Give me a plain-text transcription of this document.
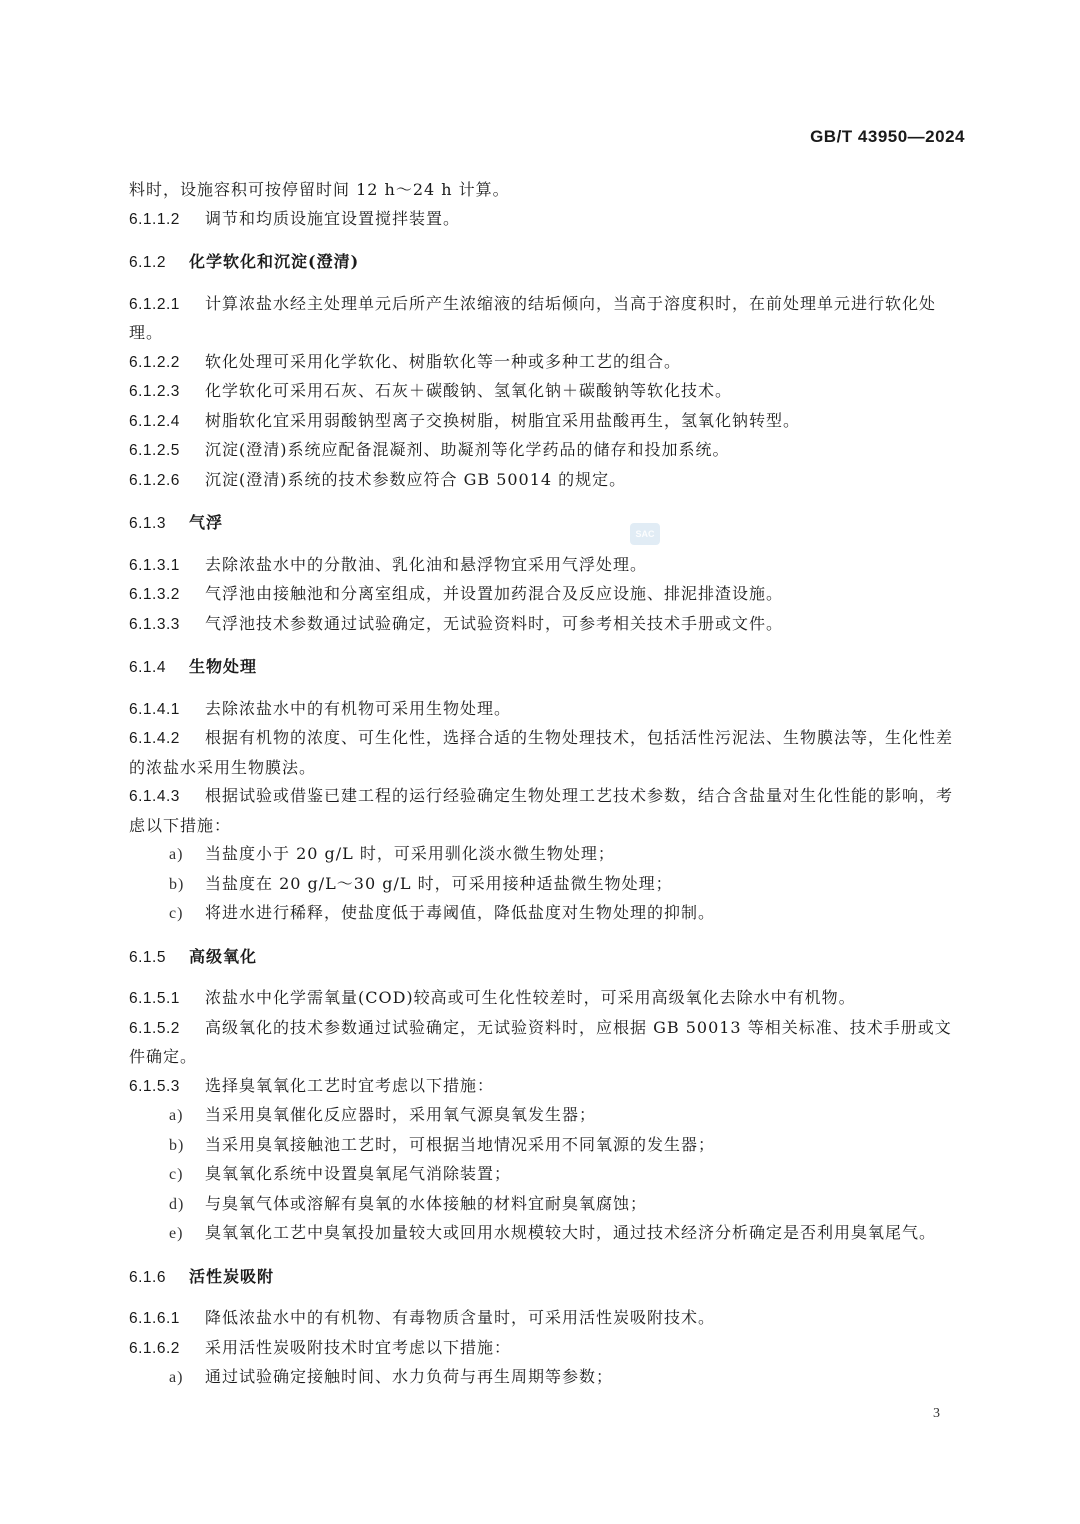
GB/T 43950—2024
SAC
料时，设施容积可按停留时间 12 h～24 h 计算。
6.1.1.2 调节和均质设施宜设置搅拌装置。
6.1.2 化学软化和沉淀(澄清)
6.1.2.1 计算浓盐水经主处理单元后所产生浓缩液的结垢倾向，当高于溶度积时，在前处理单元进行软化处理。
6.1.2.2 软化处理可采用化学软化、树脂软化等一种或多种工艺的组合。
6.1.2.3 化学软化可采用石灰、石灰＋碳酸钠、氢氧化钠＋碳酸钠等软化技术。
6.1.2.4 树脂软化宜采用弱酸钠型离子交换树脂，树脂宜采用盐酸再生，氢氧化钠转型。
6.1.2.5 沉淀(澄清)系统应配备混凝剂、助凝剂等化学药品的储存和投加系统。
6.1.2.6 沉淀(澄清)系统的技术参数应符合 GB 50014 的规定。
6.1.3 气浮
6.1.3.1 去除浓盐水中的分散油、乳化油和悬浮物宜采用气浮处理。
6.1.3.2 气浮池由接触池和分离室组成，并设置加药混合及反应设施、排泥排渣设施。
6.1.3.3 气浮池技术参数通过试验确定，无试验资料时，可参考相关技术手册或文件。
6.1.4 生物处理
6.1.4.1 去除浓盐水中的有机物可采用生物处理。
6.1.4.2 根据有机物的浓度、可生化性，选择合适的生物处理技术，包括活性污泥法、生物膜法等，生化性差的浓盐水采用生物膜法。
6.1.4.3 根据试验或借鉴已建工程的运行经验确定生物处理工艺技术参数，结合含盐量对生化性能的影响，考虑以下措施：
a) 当盐度小于 20 g/L 时，可采用驯化淡水微生物处理；
b) 当盐度在 20 g/L～30 g/L 时，可采用接种适盐微生物处理；
c) 将进水进行稀释，使盐度低于毒阈值，降低盐度对生物处理的抑制。
6.1.5 高级氧化
6.1.5.1 浓盐水中化学需氧量(COD)较高或可生化性较差时，可采用高级氧化去除水中有机物。
6.1.5.2 高级氧化的技术参数通过试验确定，无试验资料时，应根据 GB 50013 等相关标准、技术手册或文件确定。
6.1.5.3 选择臭氧氧化工艺时宜考虑以下措施：
a) 当采用臭氧催化反应器时，采用氧气源臭氧发生器；
b) 当采用臭氧接触池工艺时，可根据当地情况采用不同氧源的发生器；
c) 臭氧氧化系统中设置臭氧尾气消除装置；
d) 与臭氧气体或溶解有臭氧的水体接触的材料宜耐臭氧腐蚀；
e) 臭氧氧化工艺中臭氧投加量较大或回用水规模较大时，通过技术经济分析确定是否利用臭氧尾气。
6.1.6 活性炭吸附
6.1.6.1 降低浓盐水中的有机物、有毒物质含量时，可采用活性炭吸附技术。
6.1.6.2 采用活性炭吸附技术时宜考虑以下措施：
a) 通过试验确定接触时间、水力负荷与再生周期等参数；
3
